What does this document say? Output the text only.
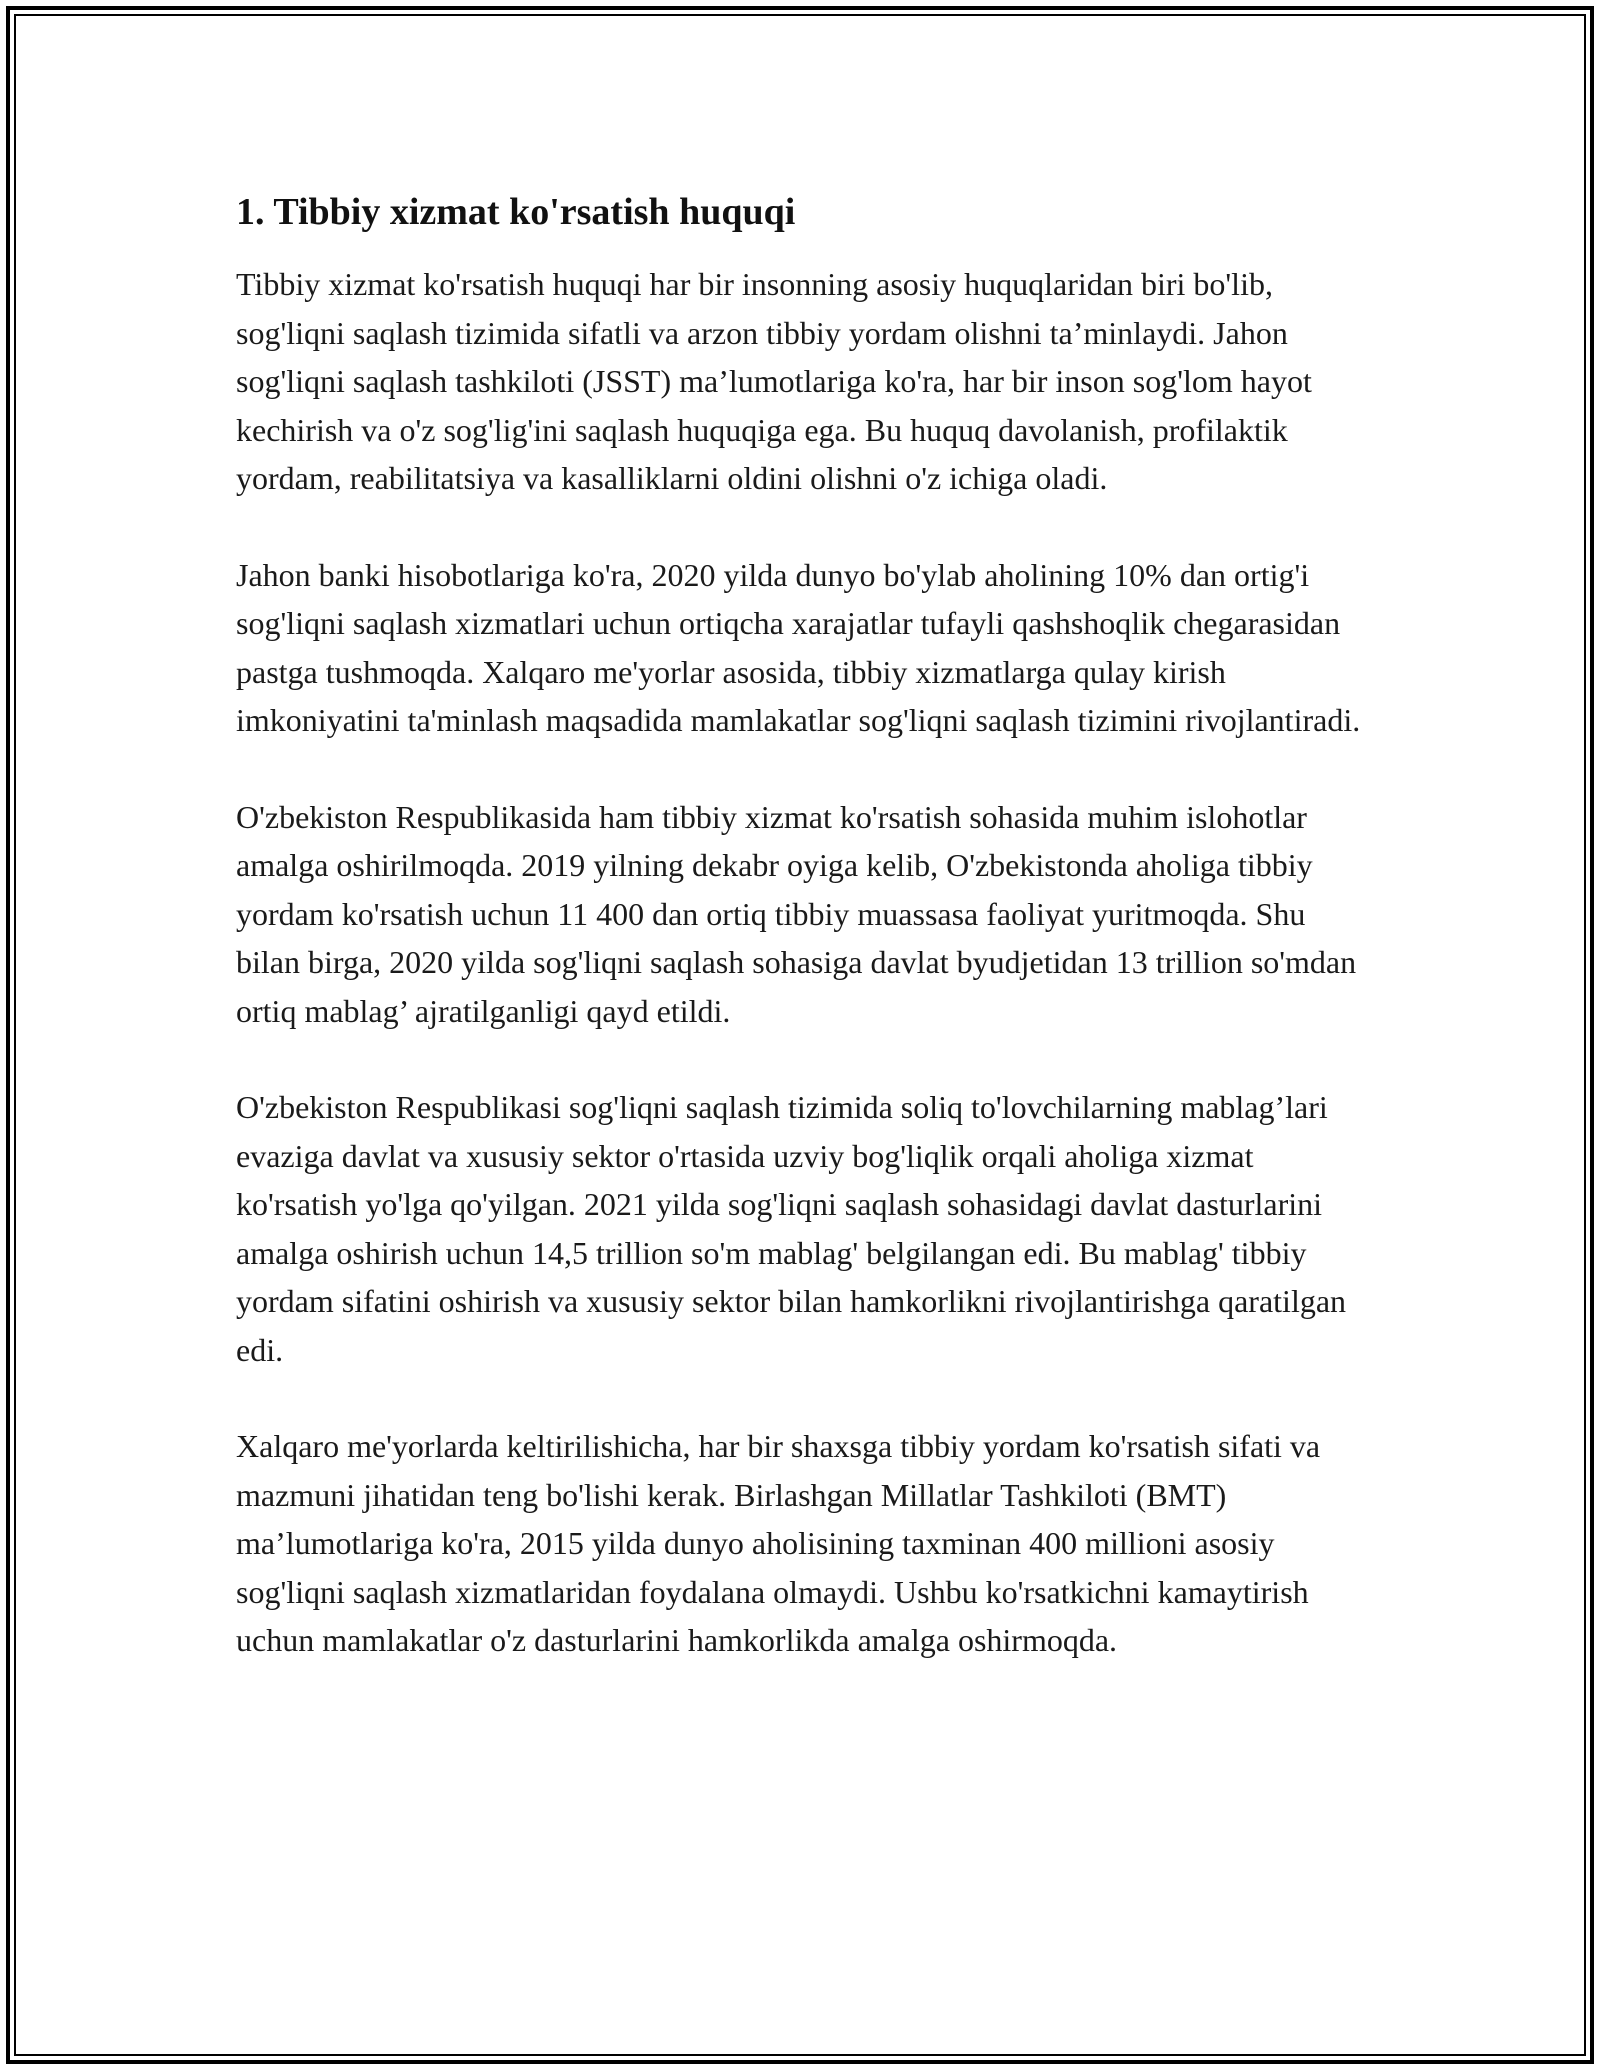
1. Tibbiy xizmat ko'rsatish huquqi

Tibbiy xizmat ko'rsatish huquqi har bir insonning asosiy huquqlaridan biri bo'lib, sog'liqni saqlash tizimida sifatli va arzon tibbiy yordam olishni ta’minlaydi. Jahon sog'liqni saqlash tashkiloti (JSST) ma’lumotlariga ko'ra, har bir inson sog'lom hayot kechirish va o'z sog'lig'ini saqlash huquqiga ega. Bu huquq davolanish, profilaktik yordam, reabilitatsiya va kasalliklarni oldini olishni o'z ichiga oladi.

Jahon banki hisobotlariga ko'ra, 2020 yilda dunyo bo'ylab aholining 10% dan ortig'i sog'liqni saqlash xizmatlari uchun ortiqcha xarajatlar tufayli qashshoqlik chegarasidan pastga tushmoqda. Xalqaro me'yorlar asosida, tibbiy xizmatlarga qulay kirish imkoniyatini ta'minlash maqsadida mamlakatlar sog'liqni saqlash tizimini rivojlantiradi.

O'zbekiston Respublikasida ham tibbiy xizmat ko'rsatish sohasida muhim islohotlar amalga oshirilmoqda. 2019 yilning dekabr oyiga kelib, O'zbekistonda aholiga tibbiy yordam ko'rsatish uchun 11 400 dan ortiq tibbiy muassasa faoliyat yuritmoqda. Shu bilan birga, 2020 yilda sog'liqni saqlash sohasiga davlat byudjetidan 13 trillion so'mdan ortiq mablag’ ajratilganligi qayd etildi.

O'zbekiston Respublikasi sog'liqni saqlash tizimida soliq to'lovchilarning mablag’lari evaziga davlat va xususiy sektor o'rtasida uzviy bog'liqlik orqali aholiga xizmat ko'rsatish yo'lga qo'yilgan. 2021 yilda sog'liqni saqlash sohasidagi davlat dasturlarini amalga oshirish uchun 14,5 trillion so'm mablag' belgilangan edi. Bu mablag' tibbiy yordam sifatini oshirish va xususiy sektor bilan hamkorlikni rivojlantirishga qaratilgan edi.

Xalqaro me'yorlarda keltirilishicha, har bir shaxsga tibbiy yordam ko'rsatish sifati va mazmuni jihatidan teng bo'lishi kerak. Birlashgan Millatlar Tashkiloti (BMT) ma’lumotlariga ko'ra, 2015 yilda dunyo aholisining taxminan 400 millioni asosiy sog'liqni saqlash xizmatlaridan foydalana olmaydi. Ushbu ko'rsatkichni kamaytirish uchun mamlakatlar o'z dasturlarini hamkorlikda amalga oshirmoqda.
